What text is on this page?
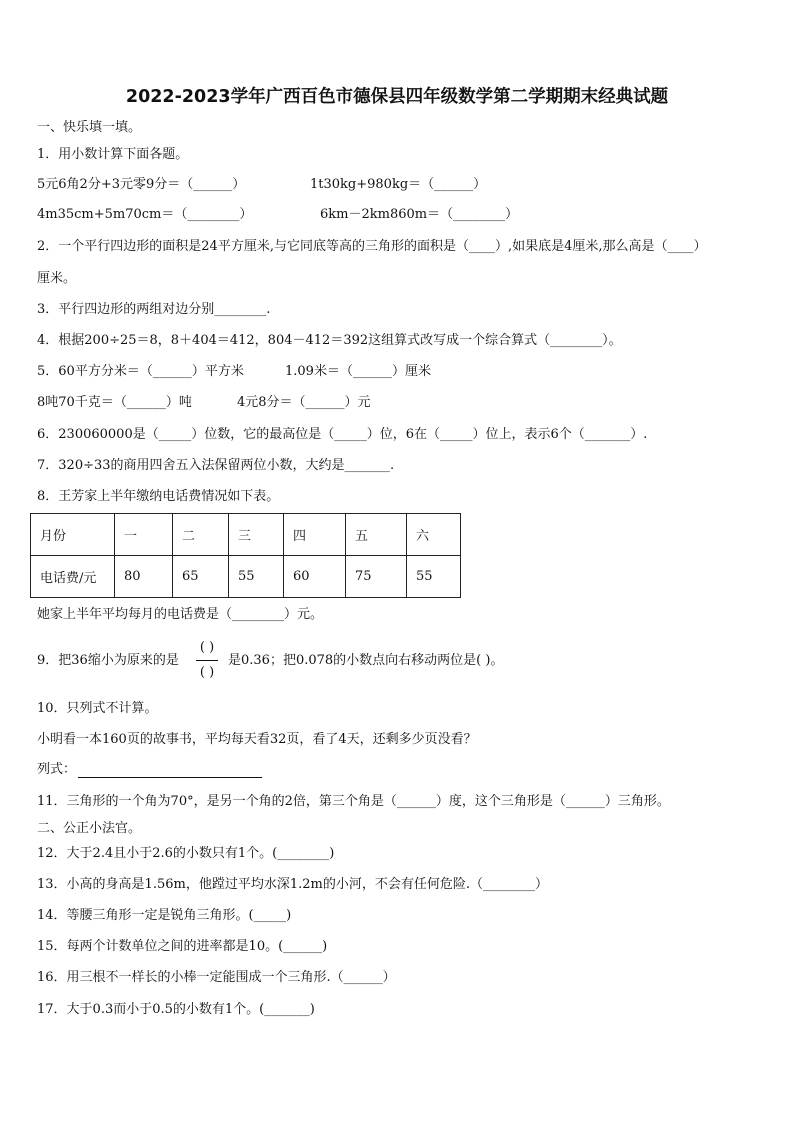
2022-2023学年广西百色市德保县四年级数学第二学期期末经典试题
一、快乐填一填。
1．用小数计算下面各题。
5元6角2分+3元零9分＝（______）	1t30kg+980kg＝（______）
4m35cm+5m70cm＝（________）	6km－2km860m＝（________）
2．一个平行四边形的面积是24平方厘米,与它同底等高的三角形的面积是（____）,如果底是4厘米,那么高是（____）
厘米。
3．平行四边形的两组对边分别________.
4．根据200÷25＝8，8＋404＝412，804－412＝392这组算式改写成一个综合算式（________）。
5．60平方分米＝（______）平方米	1.09米＝（______）厘米
8吨70千克＝（______）吨	4元8分＝（______）元
6．230060000是（_____）位数，它的最高位是（_____）位，6在（_____）位上，表示6个（_______）.
7．320÷33的商用四舍五入法保留两位小数，大约是_______.
8．王芳家上半年缴纳电话费情况如下表。
月份	一	二	三	四	五	六
电话费/元	80	65	55	60	75	55
她家上半年平均每月的电话费是（________）元。
9．把36缩小为原来的是
( )
( )
是0.36；把0.078的小数点向右移动两位是( )。
10．只列式不计算。
小明看一本160页的故事书，平均每天看32页，看了4天，还剩多少页没看？
列式：
11．三角形的一个角为70°，是另一个角的2倍，第三个角是（______）度，这个三角形是（______）三角形。
二、公正小法官。
12．大于2.4且小于2.6的小数只有1个。(________)
13．小高的身高是1.56m，他蹚过平均水深1.2m的小河，不会有任何危险.（________）
14．等腰三角形一定是锐角三角形。(_____)
15．每两个计数单位之间的进率都是10。(______)
16．用三根不一样长的小棒一定能围成一个三角形.（______）
17．大于0.3而小于0.5的小数有1个。(_______)
